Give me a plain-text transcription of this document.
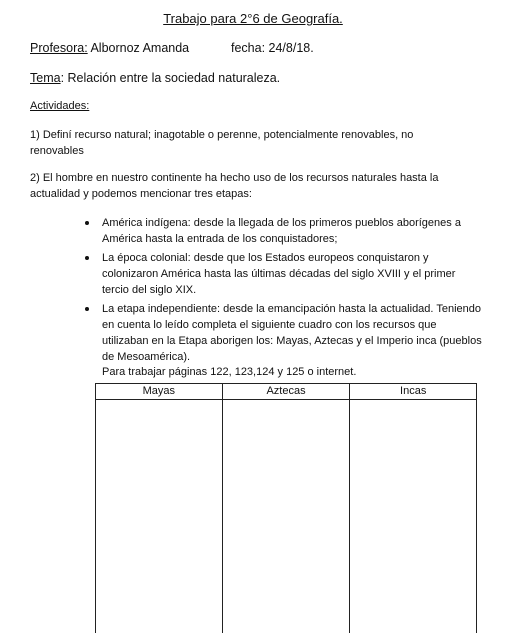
Trabajo para 2°6 de Geografía.
Profesora: Albornoz Amanda	fecha: 24/8/18.
Tema: Relación entre la sociedad naturaleza.
Actividades:
1) Definí recurso natural; inagotable o perenne, potencialmente renovables, no renovables
2) El hombre en nuestro continente ha hecho uso de los recursos naturales hasta la actualidad y podemos mencionar tres etapas:
América indígena: desde la llegada de los primeros pueblos aborígenes a América hasta la entrada de los conquistadores;
La época colonial: desde que los Estados europeos conquistaron y colonizaron América hasta las últimas décadas del siglo XVIII y el primer tercio del siglo XIX.
La etapa independiente: desde la emancipación hasta la actualidad. Teniendo en cuenta lo leído completa el siguiente cuadro con los recursos que utilizaban en la Etapa aborigen los: Mayas, Aztecas y el Imperio inca (pueblos de Mesoamérica).
Para trabajar páginas 122, 123,124 y 125 o internet.
Mayas	Aztecas	Incas
